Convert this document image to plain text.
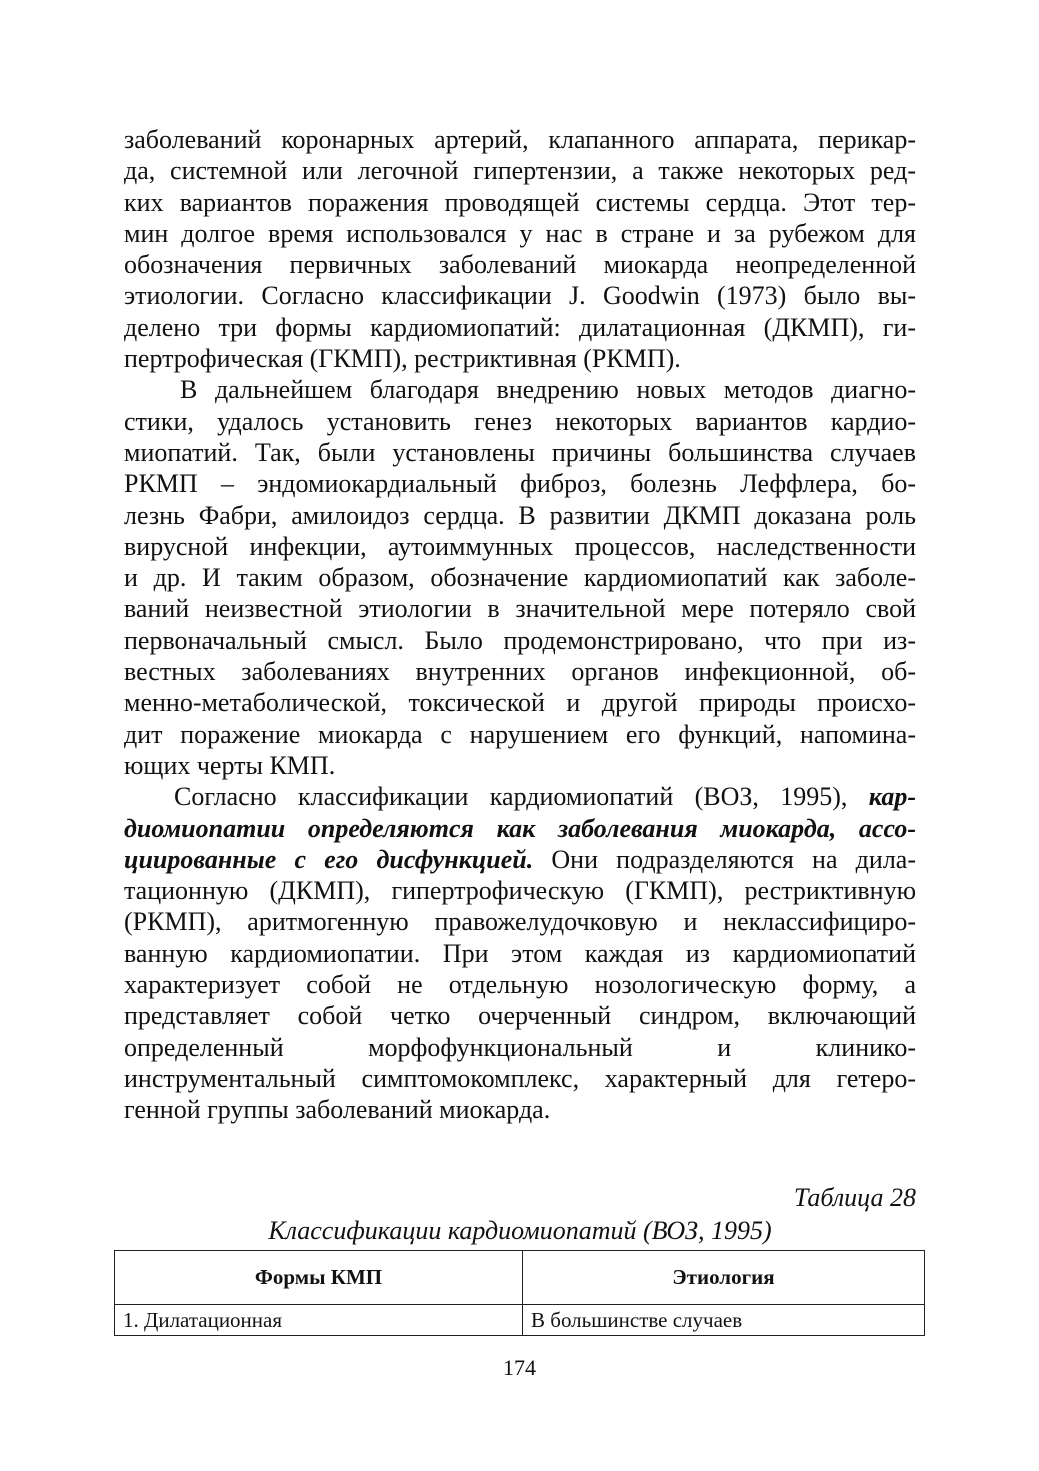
заболеваний коронарных артерий, клапанного аппарата, перикар-
да, системной или легочной гипертензии, а также некоторых ред-
ких вариантов поражения проводящей системы сердца. Этот тер-
мин долгое время использовался у нас в стране и за рубежом для
обозначения первичных заболеваний миокарда неопределенной
этиологии. Согласно классификации J. Goodwin (1973) было вы-
делено три формы кардиомиопатий: дилатационная (ДКМП), ги-
пертрофическая (ГКМП), рестриктивная (РКМП).
В дальнейшем благодаря внедрению новых методов диагно-
стики, удалось установить генез некоторых вариантов кардио-
миопатий. Так, были установлены причины большинства случаев
РКМП – эндомиокардиальный фиброз, болезнь Леффлера, бо-
лезнь Фабри, амилоидоз сердца. В развитии ДКМП доказана роль
вирусной инфекции, аутоиммунных процессов, наследственности
и др. И таким образом, обозначение кардиомиопатий как заболе-
ваний неизвестной этиологии в значительной мере потеряло свой
первоначальный смысл. Было продемонстрировано, что при из-
вестных заболеваниях внутренних органов инфекционной, об-
менно-метаболической, токсической и другой природы происхо-
дит поражение миокарда с нарушением его функций, напомина-
ющих черты КМП.
Согласно классификации кардиомиопатий (ВОЗ, 1995), кар-
диомиопатии определяются как заболевания миокарда, ассо-
циированные с его дисфункцией. Они подразделяются на дила-
тационную (ДКМП), гипертрофическую (ГКМП), рестриктивную
(РКМП), аритмогенную правожелудочковую и неклассифициро-
ванную кардиомиопатии. При этом каждая из кардиомиопатий
характеризует собой не отдельную нозологическую форму, а
представляет собой четко очерченный синдром, включающий
определенный морфофункциональный и клинико-
инструментальный симптомокомплекс, характерный для гетеро-
генной группы заболеваний миокарда.
Таблица 28
Классификации кардиомиопатий (ВОЗ, 1995)
Формы КМП	Этиология
1. Дилатационная	В большинстве случаев
174
